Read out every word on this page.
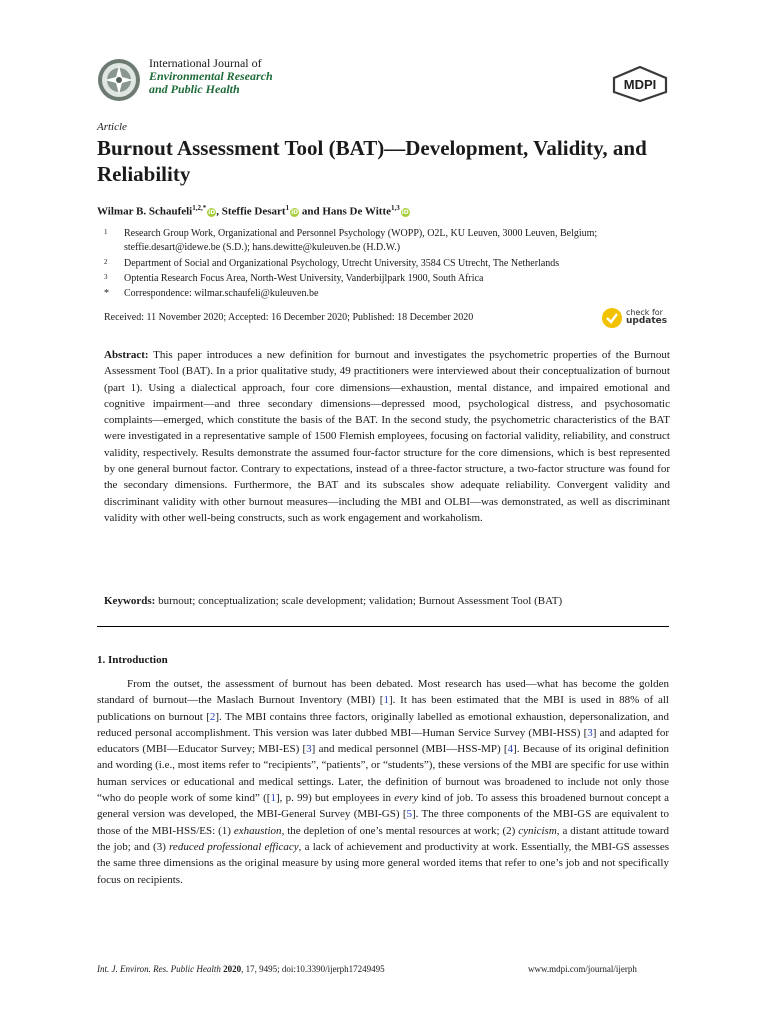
International Journal of
Environmental Research
and Public Health	MDPI
Article
Burnout Assessment Tool (BAT)—Development, Validity, and Reliability
Wilmar B. Schaufeli$^{1,2,*}$iD, Steffie Desart$^1$iD and Hans De Witte$^{1,3}$iD
1 Research Group Work, Organizational and Personnel Psychology (WOPP), O2L, KU Leuven, 3000 Leuven, Belgium; steffie.desart@idewe.be (S.D.); hans.dewitte@kuleuven.be (H.D.W.)
2 Department of Social and Organizational Psychology, Utrecht University, 3584 CS Utrecht, The Netherlands
3 Optentia Research Focus Area, North-West University, Vanderbijlpark 1900, South Africa
* Correspondence: wilmar.schaufeli@kuleuven.be
Received: 11 November 2020; Accepted: 16 December 2020; Published: 18 December 2020	check for
updates
Abstract: This paper introduces a new definition for burnout and investigates the psychometric properties of the Burnout Assessment Tool (BAT). In a prior qualitative study, 49 practitioners were interviewed about their conceptualization of burnout (part 1). Using a dialectical approach, four core dimensions—exhaustion, mental distance, and impaired emotional and cognitive impairment—and three secondary dimensions—depressed mood, psychological distress, and psychosomatic complaints—emerged, which constitute the basis of the BAT. In the second study, the psychometric characteristics of the BAT were investigated in a representative sample of 1500 Flemish employees, focusing on factorial validity, reliability, and construct validity, respectively. Results demonstrate the assumed four-factor structure for the core dimensions, which is best represented by one general burnout factor. Contrary to expectations, instead of a three-factor structure, a two-factor structure was found for the secondary dimensions. Furthermore, the BAT and its subscales show adequate reliability. Convergent validity and discriminant validity with other burnout measures—including the MBI and OLBI—was demonstrated, as well as discriminant validity with other well-being constructs, such as work engagement and workaholism.
Keywords: burnout; conceptualization; scale development; validation; Burnout Assessment Tool (BAT)
1. Introduction

From the outset, the assessment of burnout has been debated. Most research has used—what has become the golden standard of burnout—the Maslach Burnout Inventory (MBI) [1]. It has been estimated that the MBI is used in 88% of all publications on burnout [2]. The MBI contains three factors, originally labelled as emotional exhaustion, depersonalization, and reduced personal accomplishment. This version was later dubbed MBI—Human Service Survey (MBI-HSS) [3] and adapted for educators (MBI—Educator Survey; MBI-ES) [3] and medical personnel (MBI—HSS-MP) [4]. Because of its original definition and wording (i.e., most items refer to “recipients”, “patients”, or “students”), these versions of the MBI are specific for use within human services or educational and medical settings. Later, the definition of burnout was broadened to include not only those “who do people work of some kind” ([1], p. 99) but employees in every kind of job. To assess this broadened burnout concept a general version was developed, the MBI-General Survey (MBI-GS) [5]. The three components of the MBI-GS are equivalent to those of the MBI-HSS/ES: (1) exhaustion, the depletion of one’s mental resources at work; (2) cynicism, a distant attitude toward the job; and (3) reduced professional efficacy, a lack of achievement and productivity at work. Essentially, the MBI-GS assesses the same three dimensions as the original measure by using more general worded items that refer to one’s job and not specifically focus on recipients.

Int. J. Environ. Res. Public Health 2020, 17, 9495; doi:10.3390/ijerph17249495	www.mdpi.com/journal/ijerph
